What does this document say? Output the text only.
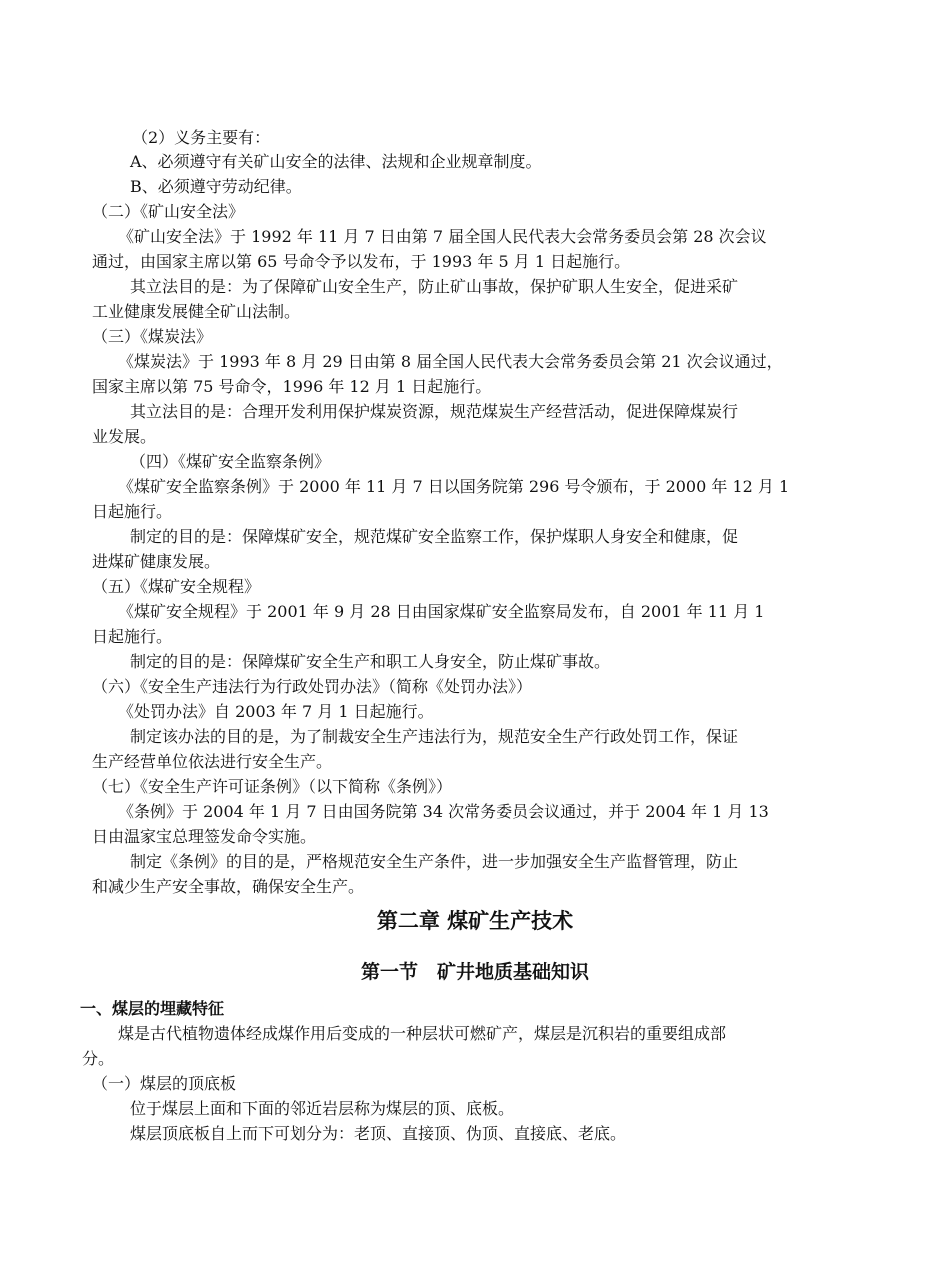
（2）义务主要有：
A、必须遵守有关矿山安全的法律、法规和企业规章制度。
B、必须遵守劳动纪律。
（二）《矿山安全法》
《矿山安全法》于 1992 年 11 月 7 日由第 7 届全国人民代表大会常务委员会第 28 次会议
通过，由国家主席以第 65 号命令予以发布，于 1993 年 5 月 1 日起施行。
其立法目的是：为了保障矿山安全生产，防止矿山事故，保护矿职人生安全，促进采矿
工业健康发展健全矿山法制。
（三）《煤炭法》
《煤炭法》于 1993 年 8 月 29 日由第 8 届全国人民代表大会常务委员会第 21 次会议通过，
国家主席以第 75 号命令，1996 年 12 月 1 日起施行。
其立法目的是：合理开发利用保护煤炭资源，规范煤炭生产经营活动，促进保障煤炭行
业发展。
（四）《煤矿安全监察条例》
《煤矿安全监察条例》于 2000 年 11 月 7 日以国务院第 296 号令颁布，于 2000 年 12 月 1
日起施行。
制定的目的是：保障煤矿安全，规范煤矿安全监察工作，保护煤职人身安全和健康，促
进煤矿健康发展。
（五）《煤矿安全规程》
《煤矿安全规程》于 2001 年 9 月 28 日由国家煤矿安全监察局发布，自 2001 年 11 月 1
日起施行。
制定的目的是：保障煤矿安全生产和职工人身安全，防止煤矿事故。
（六）《安全生产违法行为行政处罚办法》（简称《处罚办法》）
《处罚办法》自 2003 年 7 月 1 日起施行。
制定该办法的目的是，为了制裁安全生产违法行为，规范安全生产行政处罚工作，保证
生产经营单位依法进行安全生产。
（七）《安全生产许可证条例》（以下简称《条例》）
《条例》于 2004 年 1 月 7 日由国务院第 34 次常务委员会议通过，并于 2004 年 1 月 13
日由温家宝总理签发命令实施。
制定《条例》的目的是，严格规范安全生产条件，进一步加强安全生产监督管理，防止
和减少生产安全事故，确保安全生产。
第二章 煤矿生产技术
第一节　矿井地质基础知识
一、煤层的埋藏特征
煤是古代植物遗体经成煤作用后变成的一种层状可燃矿产，煤层是沉积岩的重要组成部
分。
（一）煤层的顶底板
位于煤层上面和下面的邻近岩层称为煤层的顶、底板。
煤层顶底板自上而下可划分为：老顶、直接顶、伪顶、直接底、老底。
